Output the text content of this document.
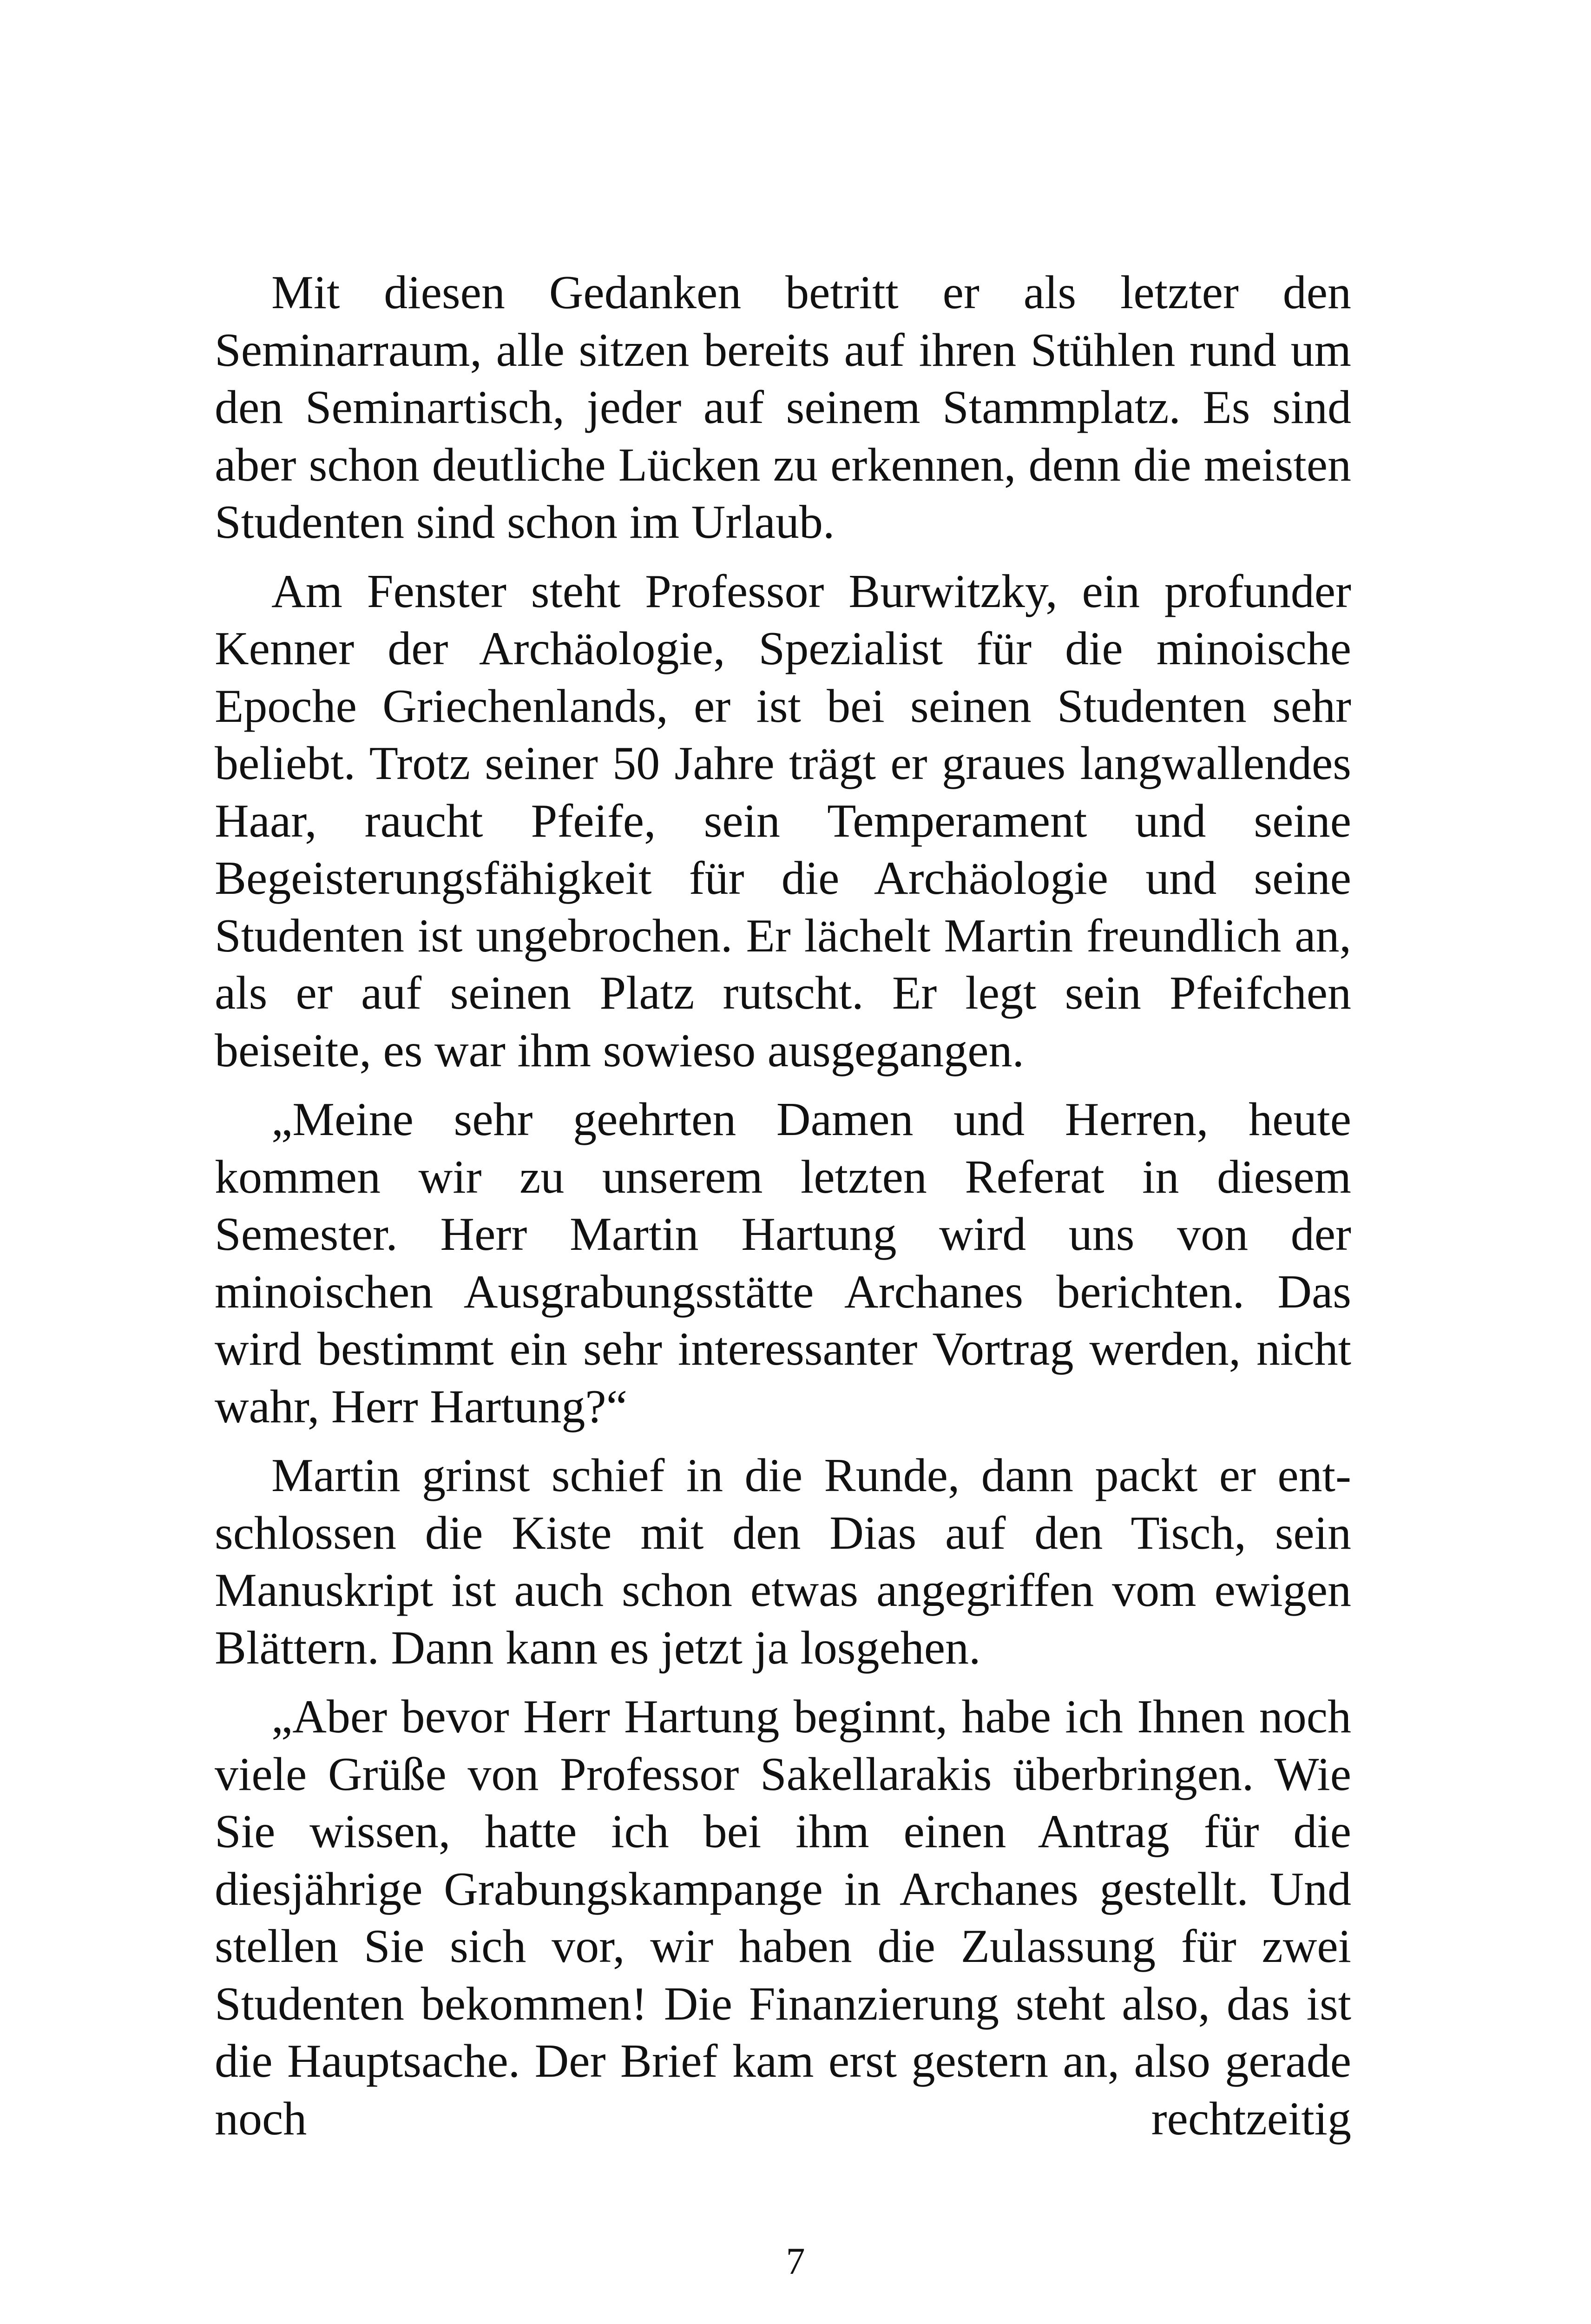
Mit diesen Gedanken betritt er als letzter den Seminarraum, alle sitzen bereits auf ihren Stühlen rund um den Seminartisch, jeder auf seinem Stammplatz. Es sind aber schon deutliche Lücken zu erkennen, denn die meisten Studenten sind schon im Urlaub.

Am Fenster steht Professor Burwitzky, ein profunder Kenner der Archäologie, Spezialist für die minoische Epoche Griechenlands, er ist bei seinen Studenten sehr beliebt. Trotz seiner 50 Jahre trägt er graues langwallendes Haar, raucht Pfeife, sein Temperament und seine Begeisterungsfähigkeit für die Archäologie und seine Studenten ist ungebrochen. Er lächelt Martin freundlich an, als er auf seinen Platz rutscht. Er legt sein Pfeifchen beiseite, es war ihm sowieso ausgegangen.

„Meine sehr geehrten Damen und Herren, heute kommen wir zu unserem letzten Referat in diesem Semester. Herr Martin Hartung wird uns von der minoischen Ausgrabungsstätte Archanes berichten. Das wird bestimmt ein sehr interessanter Vortrag werden, nicht wahr, Herr Hartung?“

Martin grinst schief in die Runde, dann packt er entschlossen die Kiste mit den Dias auf den Tisch, sein Manuskript ist auch schon etwas angegriffen vom ewigen Blättern. Dann kann es jetzt ja losgehen.

„Aber bevor Herr Hartung beginnt, habe ich Ihnen noch viele Grüße von Professor Sakellarakis überbringen. Wie Sie wissen, hatte ich bei ihm einen Antrag für die diesjährige Grabungskampange in Archanes gestellt. Und stellen Sie sich vor, wir haben die Zulassung für zwei Studenten bekommen! Die Finanzierung steht also, das ist die Hauptsache. Der Brief kam erst gestern an, also gerade noch rechtzeitig

7
